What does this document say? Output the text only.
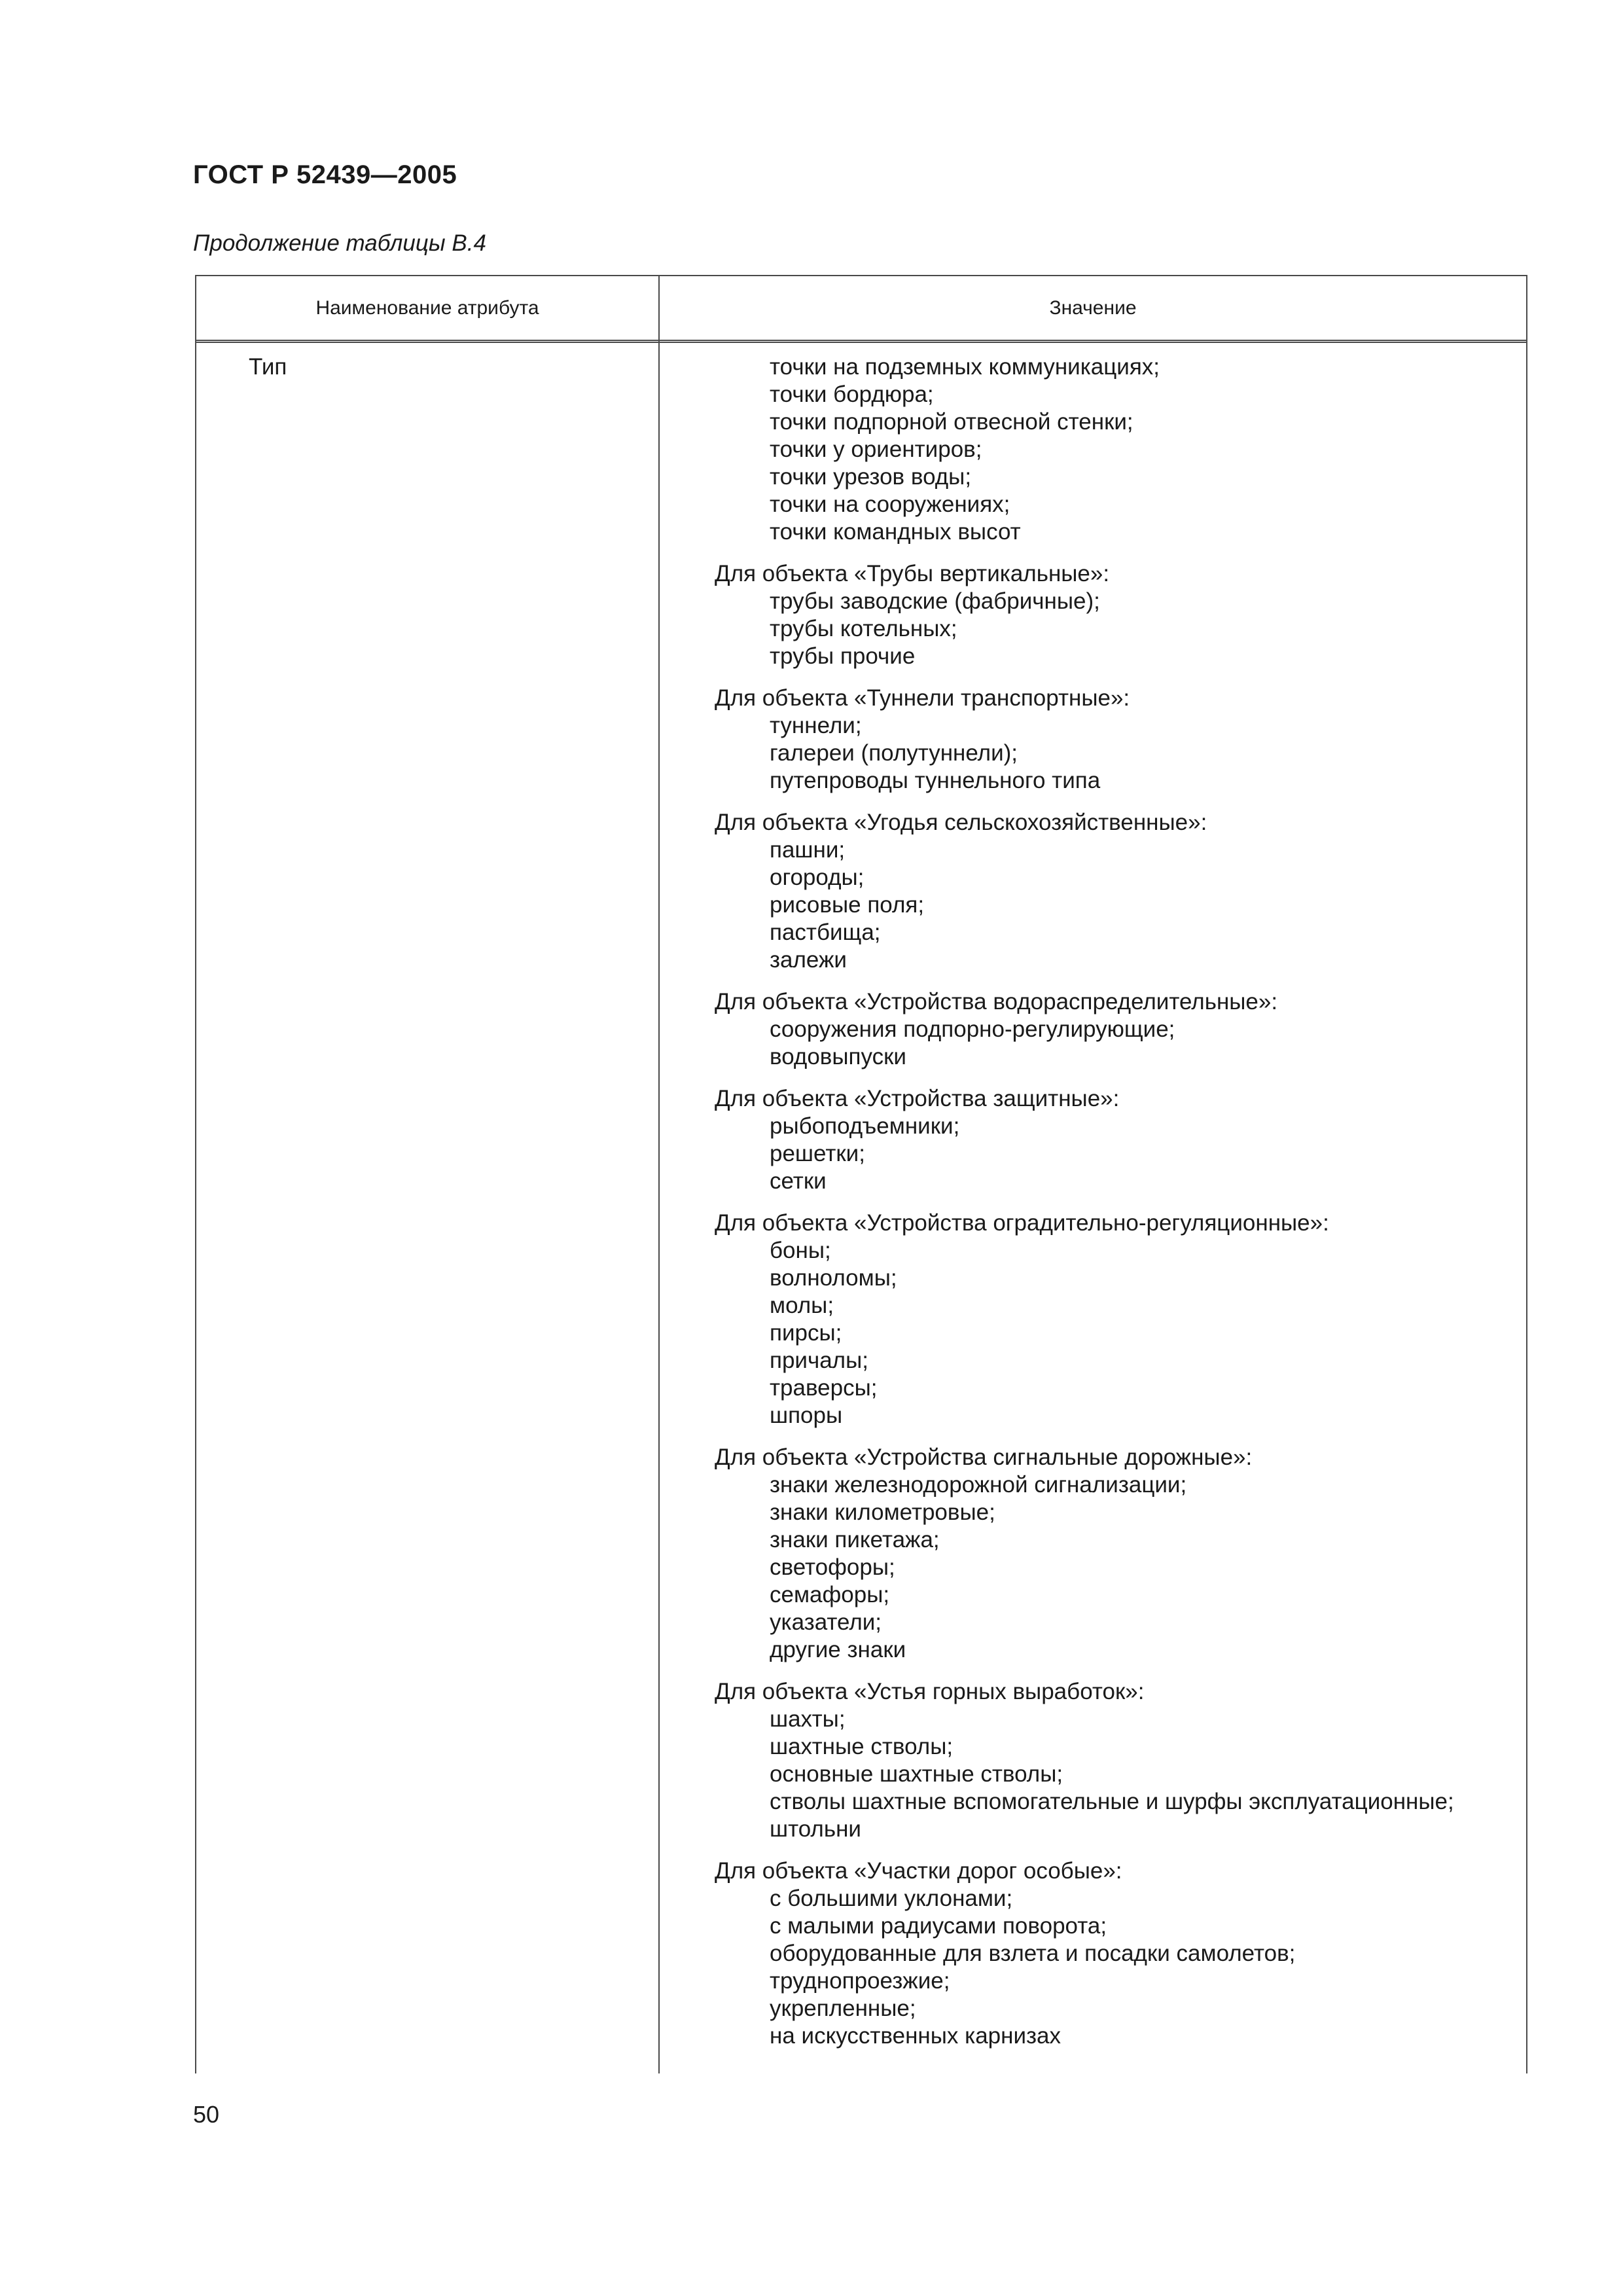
ГОСТ Р 52439—2005

Продолжение таблицы В.4

Наименование атрибута	Значение
Тип	точки на подземных коммуникациях;
точки бордюра;
точки подпорной отвесной стенки;
точки у ориентиров;
точки урезов воды;
точки на сооружениях;
точки командных высот
Для объекта «Трубы вертикальные»:
трубы заводские (фабричные);
трубы котельных;
трубы прочие
Для объекта «Туннели транспортные»:
туннели;
галереи (полутуннели);
путепроводы туннельного типа
Для объекта «Угодья сельскохозяйственные»:
пашни;
огороды;
рисовые поля;
пастбища;
залежи
Для объекта «Устройства водораспределительные»:
сооружения подпорно-регулирующие;
водовыпуски
Для объекта «Устройства защитные»:
рыбоподъемники;
решетки;
сетки
Для объекта «Устройства оградительно-регуляционные»:
боны;
волноломы;
молы;
пирсы;
причалы;
траверсы;
шпоры
Для объекта «Устройства сигнальные дорожные»:
знаки железнодорожной сигнализации;
знаки километровые;
знаки пикетажа;
светофоры;
семафоры;
указатели;
другие знаки
Для объекта «Устья горных выработок»:
шахты;
шахтные стволы;
основные шахтные стволы;
стволы шахтные вспомогательные и шурфы эксплуатационные;
штольни
Для объекта «Участки дорог особые»:
с большими уклонами;
с малыми радиусами поворота;
оборудованные для взлета и посадки самолетов;
труднопроезжие;
укрепленные;
на искусственных карнизах
50
